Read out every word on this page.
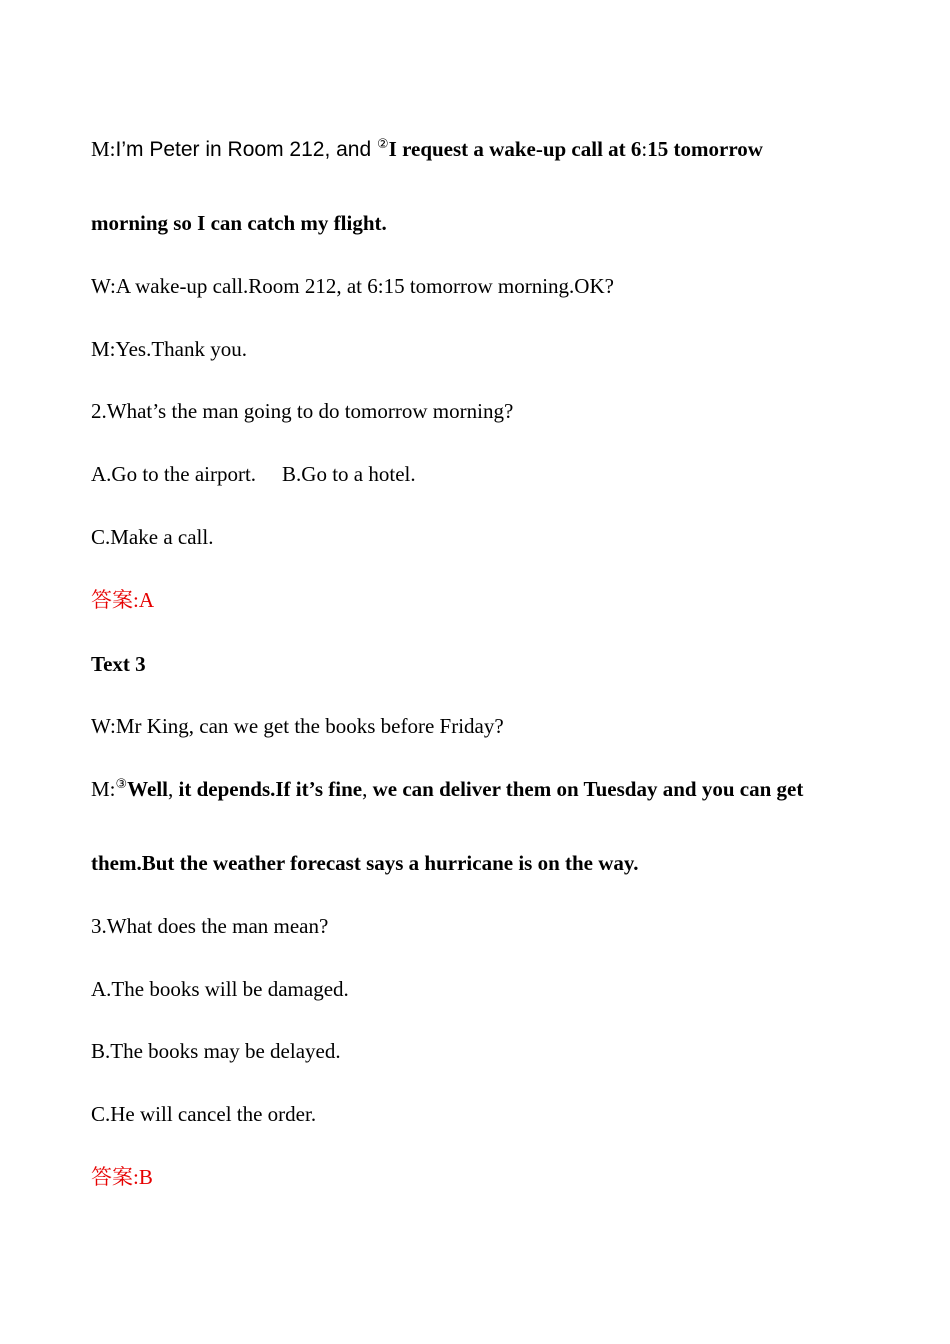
M:I’m Peter in Room 212, and ②I request a wake-up call at 6:15 tomorrow
morning so I can catch my flight.
W:A wake-up call.Room 212, at 6:15 tomorrow morning.OK?
M:Yes.Thank you.
2.What’s the man going to do tomorrow morning?
A.Go to the airport. B.Go to a hotel.
C.Make a call.
答案:A
Text 3
W:Mr King, can we get the books before Friday?
M:③Well, it depends.If it’s fine, we can deliver them on Tuesday and you can get
them.But the weather forecast says a hurricane is on the way.
3.What does the man mean?
A.The books will be damaged.
B.The books may be delayed.
C.He will cancel the order.
答案:B
